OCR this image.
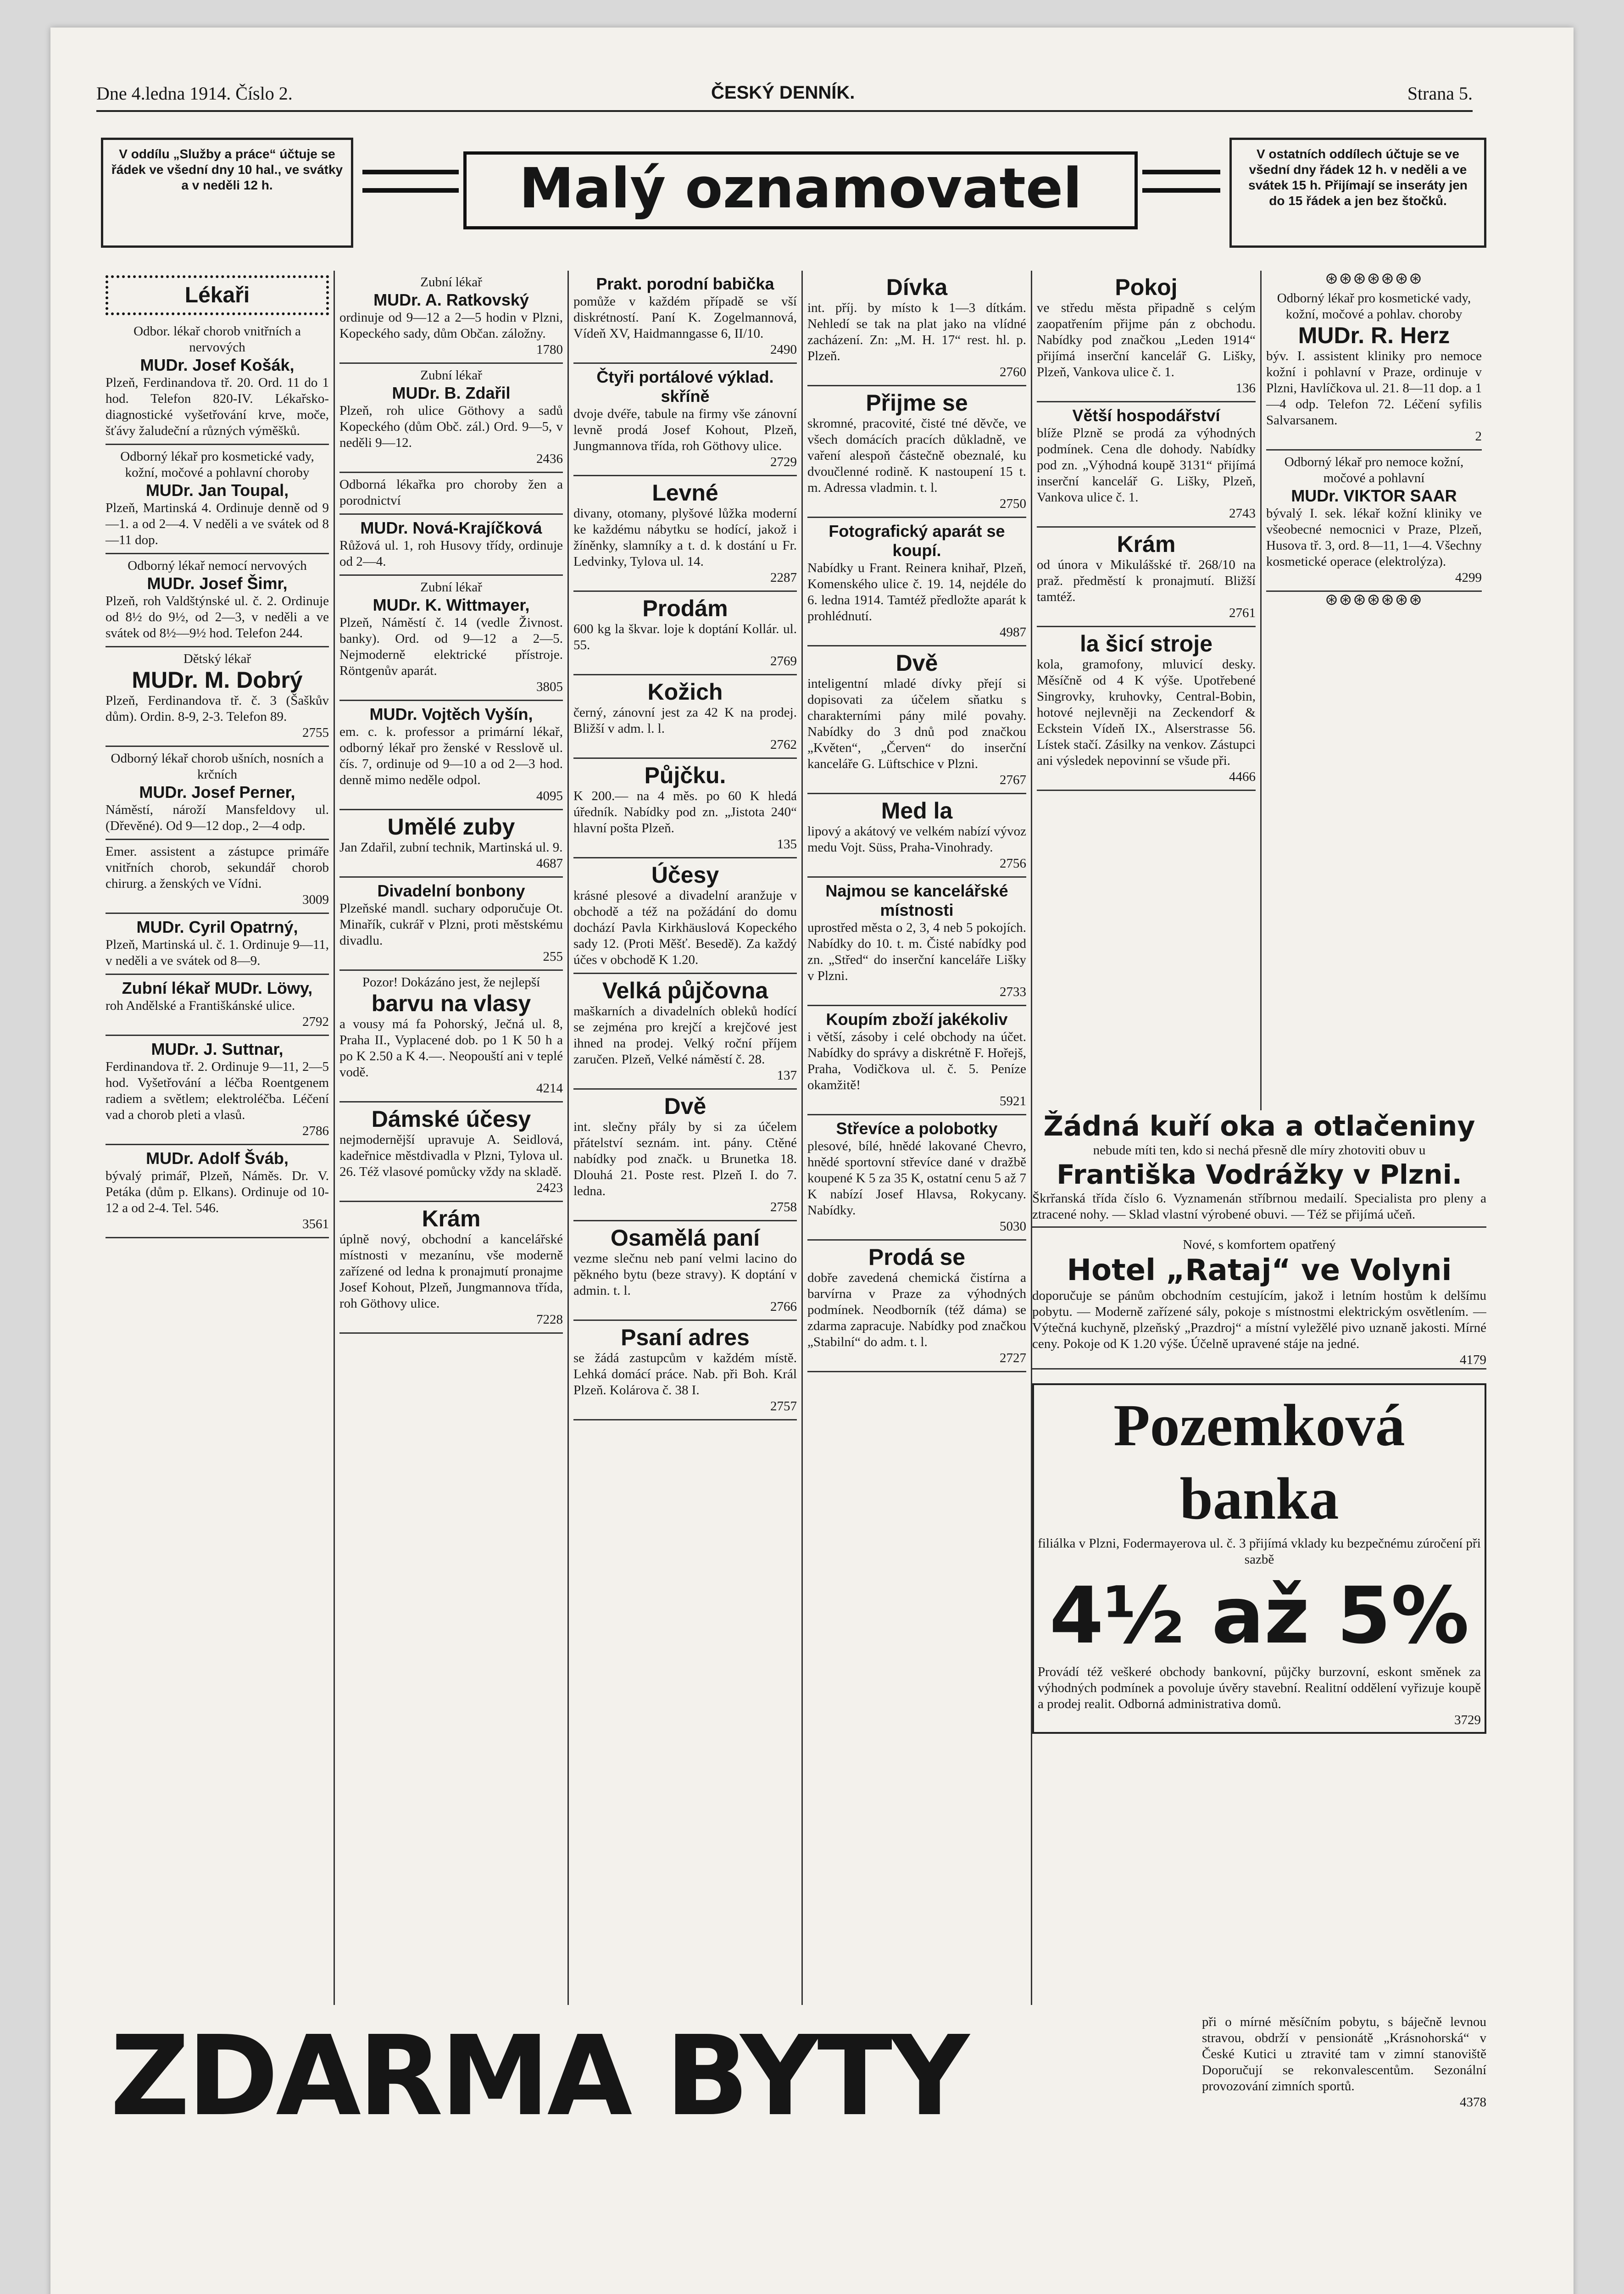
Dne 4.ledna 1914. Číslo 2.	ČESKÝ DENNÍK.	Strana 5.
V oddílu „Služby a práce“ účtuje se řádek ve všední dny 10 hal., ve svátky a v neděli 12 h.	Malý oznamovatel
V ostatních oddílech účtuje se ve všední dny řádek 12 h. v neděli a ve svátek 15 h. Přijímají se inseráty jen do 15 řádek a jen bez štočků.
Lékaři
Odbor. lékař chorob vnitřních a nervových
MUDr. Josef Košák,
Plzeň, Ferdinandova tř. 20. Ord. 11 do 1 hod. Telefon 820-IV. Lékařsko-diagnostické vyšetřování krve, moče, šťávy žaludeční a různých výměšků.
Odborný lékař pro kosmetické vady, kožní, močové a pohlavní choroby
MUDr. Jan Toupal,
Plzeň, Martinská 4. Ordinuje denně od 9—1. a od 2—4. V neděli a ve svátek od 8—11 dop.
Odborný lékař nemocí nervových
MUDr. Josef Šimr,
Plzeň, roh Valdštýnské ul. č. 2. Ordinuje od 8½ do 9½, od 2—3, v neděli a ve svátek od 8½—9½ hod. Telefon 244.
Dětský lékař
MUDr. M. Dobrý
Plzeň, Ferdinandova tř. č. 3 (Šaškův dům). Ordin. 8-9, 2-3. Telefon 89.
2755
Odborný lékař chorob ušních, nosních a krčních
MUDr. Josef Perner,
Náměstí, nároží Mansfeldovy ul. (Dřevěné). Od 9—12 dop., 2—4 odp.
Emer. assistent a zástupce primáře vnitřních chorob, sekundář chorob chirurg. a ženských ve Vídni.
3009
MUDr. Cyril Opatrný,
Plzeň, Martinská ul. č. 1. Ordinuje 9—11, v neděli a ve svátek od 8—9.
Zubní lékař MUDr. Löwy,
roh Andělské a Františkánské ulice.
2792
MUDr. J. Suttnar,
Ferdinandova tř. 2. Ordinuje 9—11, 2—5 hod. Vyšetřování a léčba Roentgenem radiem a světlem; elektroléčba. Léčení vad a chorob pleti a vlasů.
2786
MUDr. Adolf Šváb,
bývalý primář, Plzeň, Náměs. Dr. V. Petáka (dům p. Elkans). Ordinuje od 10-12 a od 2-4. Tel. 546.
3561
Zubní lékař
MUDr. A. Ratkovský
ordinuje od 9—12 a 2—5 hodin v Plzni, Kopeckého sady, dům Občan. záložny.
1780
Zubní lékař
MUDr. B. Zdařil
Plzeň, roh ulice Göthovy a sadů Kopeckého (dům Obč. zál.) Ord. 9—5, v neděli 9—12.
2436
Odborná lékařka pro choroby žen a porodnictví
MUDr. Nová-Krajíčková
Růžová ul. 1, roh Husovy třídy, ordinuje od 2—4.
Zubní lékař
MUDr. K. Wittmayer,
Plzeň, Náměstí č. 14 (vedle Živnost. banky). Ord. od 9—12 a 2—5. Nejmoderně elektrické přístroje. Röntgenův aparát.
3805
MUDr. Vojtěch Vyšín,
em. c. k. professor a primární lékař, odborný lékař pro ženské v Resslově ul. čís. 7, ordinuje od 9—10 a od 2—3 hod. denně mimo neděle odpol.
4095
Umělé zuby
Jan Zdařil, zubní technik, Martinská ul. 9.
4687
Divadelní bonbony
Plzeňské mandl. suchary odporučuje Ot. Minařík, cukrář v Plzni, proti městskému divadlu.
255
Pozor! Dokázáno jest, že nejlepší
barvu na vlasy
a vousy má fa Pohorský, Ječná ul. 8, Praha II., Vyplacené dob. po 1 K 50 h a po K 2.50 a K 4.—. Neopouští ani v teplé vodě.
4214
Dámské účesy
nejmodernější upravuje A. Seidlová, kadeřnice městdivadla v Plzni, Tylova ul. 26. Též vlasové pomůcky vždy na skladě.
2423
Krám
úplně nový, obchodní a kancelářské místnosti v mezanínu, vše moderně zařízené od ledna k pronajmutí pronajme Josef Kohout, Plzeň, Jungmannova třída, roh Göthovy ulice.
7228
Prakt. porodní babička
pomůže v každém případě se vší diskrétností. Paní K. Zogelmannová, Vídeň XV, Haidmanngasse 6, II/10.
2490
Čtyři portálové výklad. skříně
dvoje dvéře, tabule na firmy vše zánovní levně prodá Josef Kohout, Plzeň, Jungmannova třída, roh Göthovy ulice.
2729
Levné
divany, otomany, plyšové lůžka moderní ke každému nábytku se hodící, jakož i žíněnky, slamníky a t. d. k dostání u Fr. Ledvinky, Tylova ul. 14.
2287
Prodám
600 kg la škvar. loje k doptání Kollár. ul. 55.
2769
Kožich
černý, zánovní jest za 42 K na prodej. Bližší v adm. l. l.
2762
Půjčku.
K 200.— na 4 měs. po 60 K hledá úředník. Nabídky pod zn. „Jistota 240“ hlavní pošta Plzeň.
135
Účesy
krásné plesové a divadelní aranžuje v obchodě a též na požádání do domu dochází Pavla Kirkhäuslová Kopeckého sady 12. (Proti Měšť. Besedě). Za každý účes v obchodě K 1.20.
Velká půjčovna
maškarních a divadelních obleků hodící se zejména pro krejčí a krejčové jest ihned na prodej. Velký roční příjem zaručen. Plzeň, Velké náměstí č. 28.
137
Dvě
int. slečny přály by si za účelem přátelství seznám. int. pány. Ctěné nabídky pod značk. u Brunetka 18. Dlouhá 21. Poste rest. Plzeň I. do 7. ledna.
2758
Osamělá paní
vezme slečnu neb paní velmi lacino do pěkného bytu (beze stravy). K doptání v admin. t. l.
2766
Psaní adres
se žádá zastupcům v každém místě. Lehká domácí práce. Nab. při Boh. Král Plzeň. Kolárova č. 38 I.
2757
Dívka
int. příj. by místo k 1—3 dítkám. Nehledí se tak na plat jako na vlídné zacházení. Zn: „M. H. 17“ rest. hl. p. Plzeň.
2760
Přijme se
skromné, pracovité, čisté tné děvče, ve všech domácích pracích důkladně, ve vaření alespoň částečně obeznalé, ku dvoučlenné rodině. K nastoupení 15 t. m. Adressa vladmin. t. l.
2750
Fotografický aparát se koupí.
Nabídky u Frant. Reinera knihař, Plzeň, Komenského ulice č. 19. 14, nejdéle do 6. ledna 1914. Tamtéž předložte aparát k prohlédnutí.
4987
Dvě
inteligentní mladé dívky přejí si dopisovati za účelem sňatku s charakterními pány milé povahy. Nabídky do 3 dnů pod značkou „Květen“, „Červen“ do inserční kanceláře G. Lüftschice v Plzni.
2767
Med la
lipový a akátový ve velkém nabízí vývoz medu Vojt. Süss, Praha-Vinohrady.
2756
Najmou se kancelářské místnosti
uprostřed města o 2, 3, 4 neb 5 pokojích. Nabídky do 10. t. m. Čisté nabídky pod zn. „Střed“ do inserční kanceláře Lišky v Plzni.
2733
Koupím zboží jakékoliv
i větší, zásoby i celé obchody na účet. Nabídky do správy a diskrétně F. Hořejš, Praha, Vodičkova ul. č. 5. Peníze okamžitě!
5921
Střevíce a polobotky
plesové, bílé, hnědé lakované Chevro, hnědé sportovní střevíce dané v dražbě koupené K 5 za 35 K, ostatní cenu 5 až 7 K nabízí Josef Hlavsa, Rokycany. Nabídky.
5030
Prodá se
dobře zavedená chemická čistírna a barvírna v Praze za výhodných podmínek. Neodborník (též dáma) se zdarma zapracuje. Nabídky pod značkou „Stabilní“ do adm. t. l.
2727
Pokoj
ve středu města připadně s celým zaopatřením přijme pán z obchodu. Nabídky pod značkou „Leden 1914“ přijímá inserční kancelář G. Lišky, Plzeň, Vankova ulice č. 1.
136
Větší hospodářství
blíže Plzně se prodá za výhodných podmínek. Cena dle dohody. Nabídky pod zn. „Výhodná koupě 3131“ přijímá inserční kancelář G. Lišky, Plzeň, Vankova ulice č. 1.
2743
Krám
od února v Mikulášské tř. 268/10 na praž. předměstí k pronajmutí. Bližší tamtéž.
2761
la šicí stroje
kola, gramofony, mluvicí desky. Měsíčně od 4 K výše. Upotřebené Singrovky, kruhovky, Central-Bobin, hotové nejlevněji na Zeckendorf & Eckstein Vídeň IX., Alserstrasse 56. Lístek stačí. Zásilky na venkov. Zástupci ani výsledek nepovinní se všude při.
4466
⊛⊛⊛⊛⊛⊛⊛
Odborný lékař pro kosmetické vady, kožní, močové a pohlav. choroby
MUDr. R. Herz
býv. I. assistent kliniky pro nemoce kožní i pohlavní v Praze, ordinuje v Plzni, Havlíčkova ul. 21. 8—11 dop. a 1—4 odp. Telefon 72. Léčení syfilis Salvarsanem.
2
Odborný lékař pro nemoce kožní, močové a pohlavní
MUDr. VIKTOR SAAR
bývalý I. sek. lékař kožní kliniky ve všeobecné nemocnici v Praze, Plzeň, Husova tř. 3, ord. 8—11, 1—4. Všechny kosmetické operace (elektrolýza).
4299
⊛⊛⊛⊛⊛⊛⊛
Žádná kuří oka a otlačeniny
nebude míti ten, kdo si nechá přesně dle míry zhotoviti obuv u
Františka Vodrážky v Plzni.
Škrřanská třída číslo 6. Vyznamenán stříbrnou medailí. Specialista pro pleny a ztracené nohy. — Sklad vlastní výrobené obuvi. — Též se přijímá učeň.
Nové, s komfortem opatřený
Hotel „Rataj“ ve Volyni
doporučuje se pánům obchodním cestujícím, jakož i letním hostům k delšímu pobytu. — Moderně zařízené sály, pokoje s místnostmi elektrickým osvětlením. — Výtečná kuchyně, plzeňský „Prazdroj“ a místní vyležělé pivo uznaně jakosti. Mírné ceny. Pokoje od K 1.20 výše. Účelně upravené stáje na jedné.
4179
Pozemková banka
filiálka v Plzni, Fodermayerova ul. č. 3 přijímá vklady ku bezpečnému zúročení při sazbě
4½ až 5%
Provádí též veškeré obchody bankovní, půjčky burzovní, eskont směnek za výhodných podmínek a povoluje úvěry stavební. Realitní oddělení vyřizuje koupě a prodej realit. Odborná administrativa domů.
3729
ZDARMA BYTY	při o mírné měsíčním pobytu, s báječně levnou stravou, obdrží v pensionátě „Krásnohorská“ v České Kutici u ztravité tam v zimní stanoviště Doporučují se rekonvalescentům. Sezonální provozování zimních sportů.
4378
